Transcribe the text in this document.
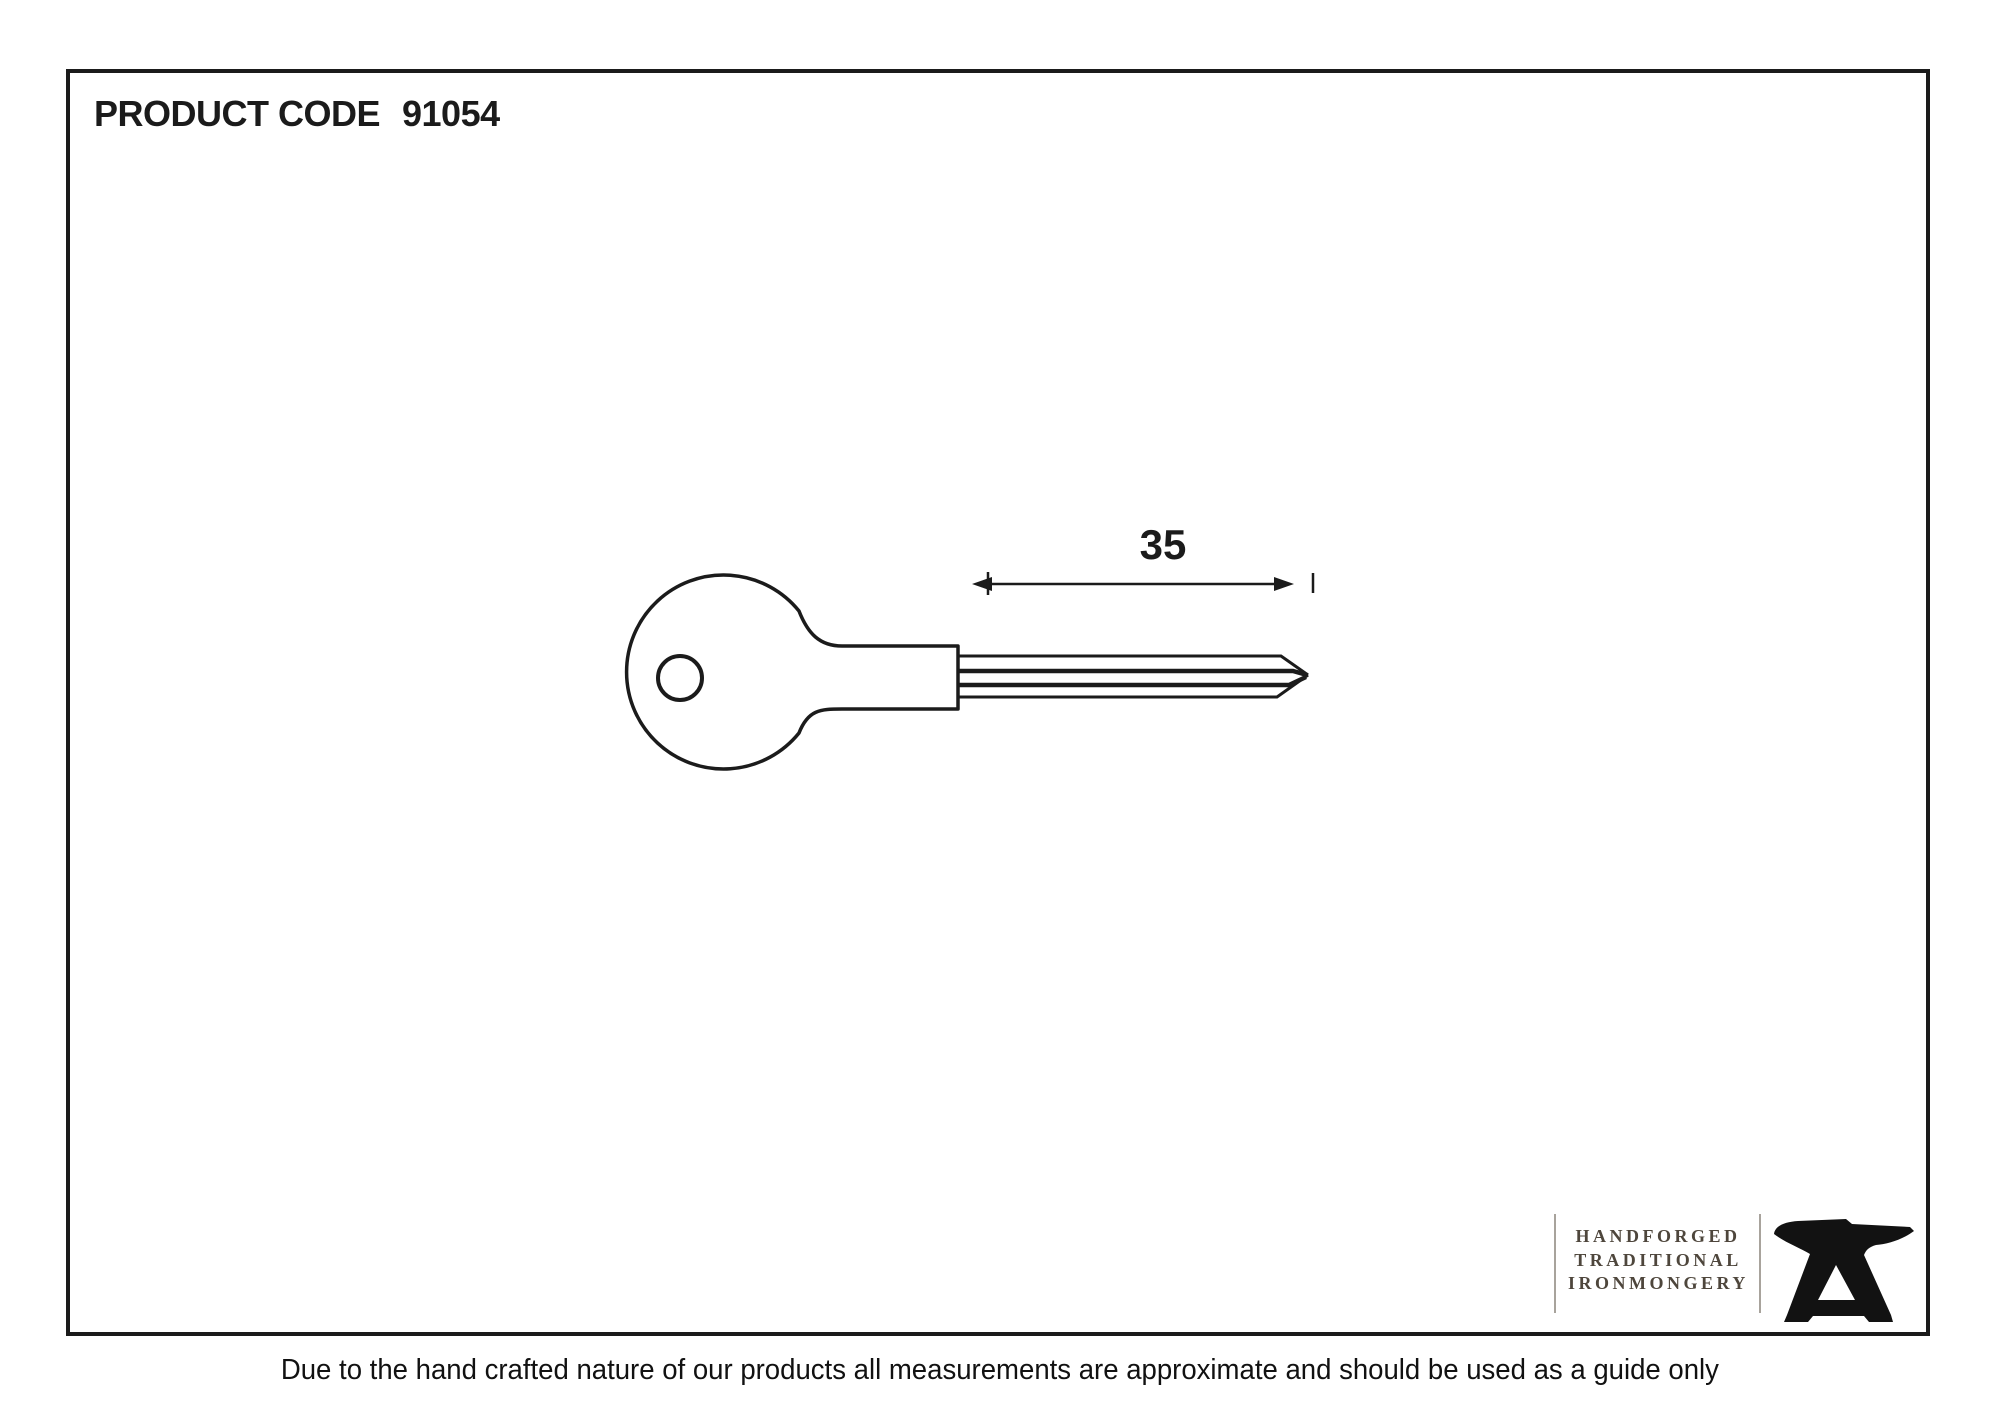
PRODUCT CODE 91054
35
HANDFORGED
TRADITIONAL
IRONMONGERY
Due to the hand crafted nature of our products all measurements are approximate and should be used as a guide only
